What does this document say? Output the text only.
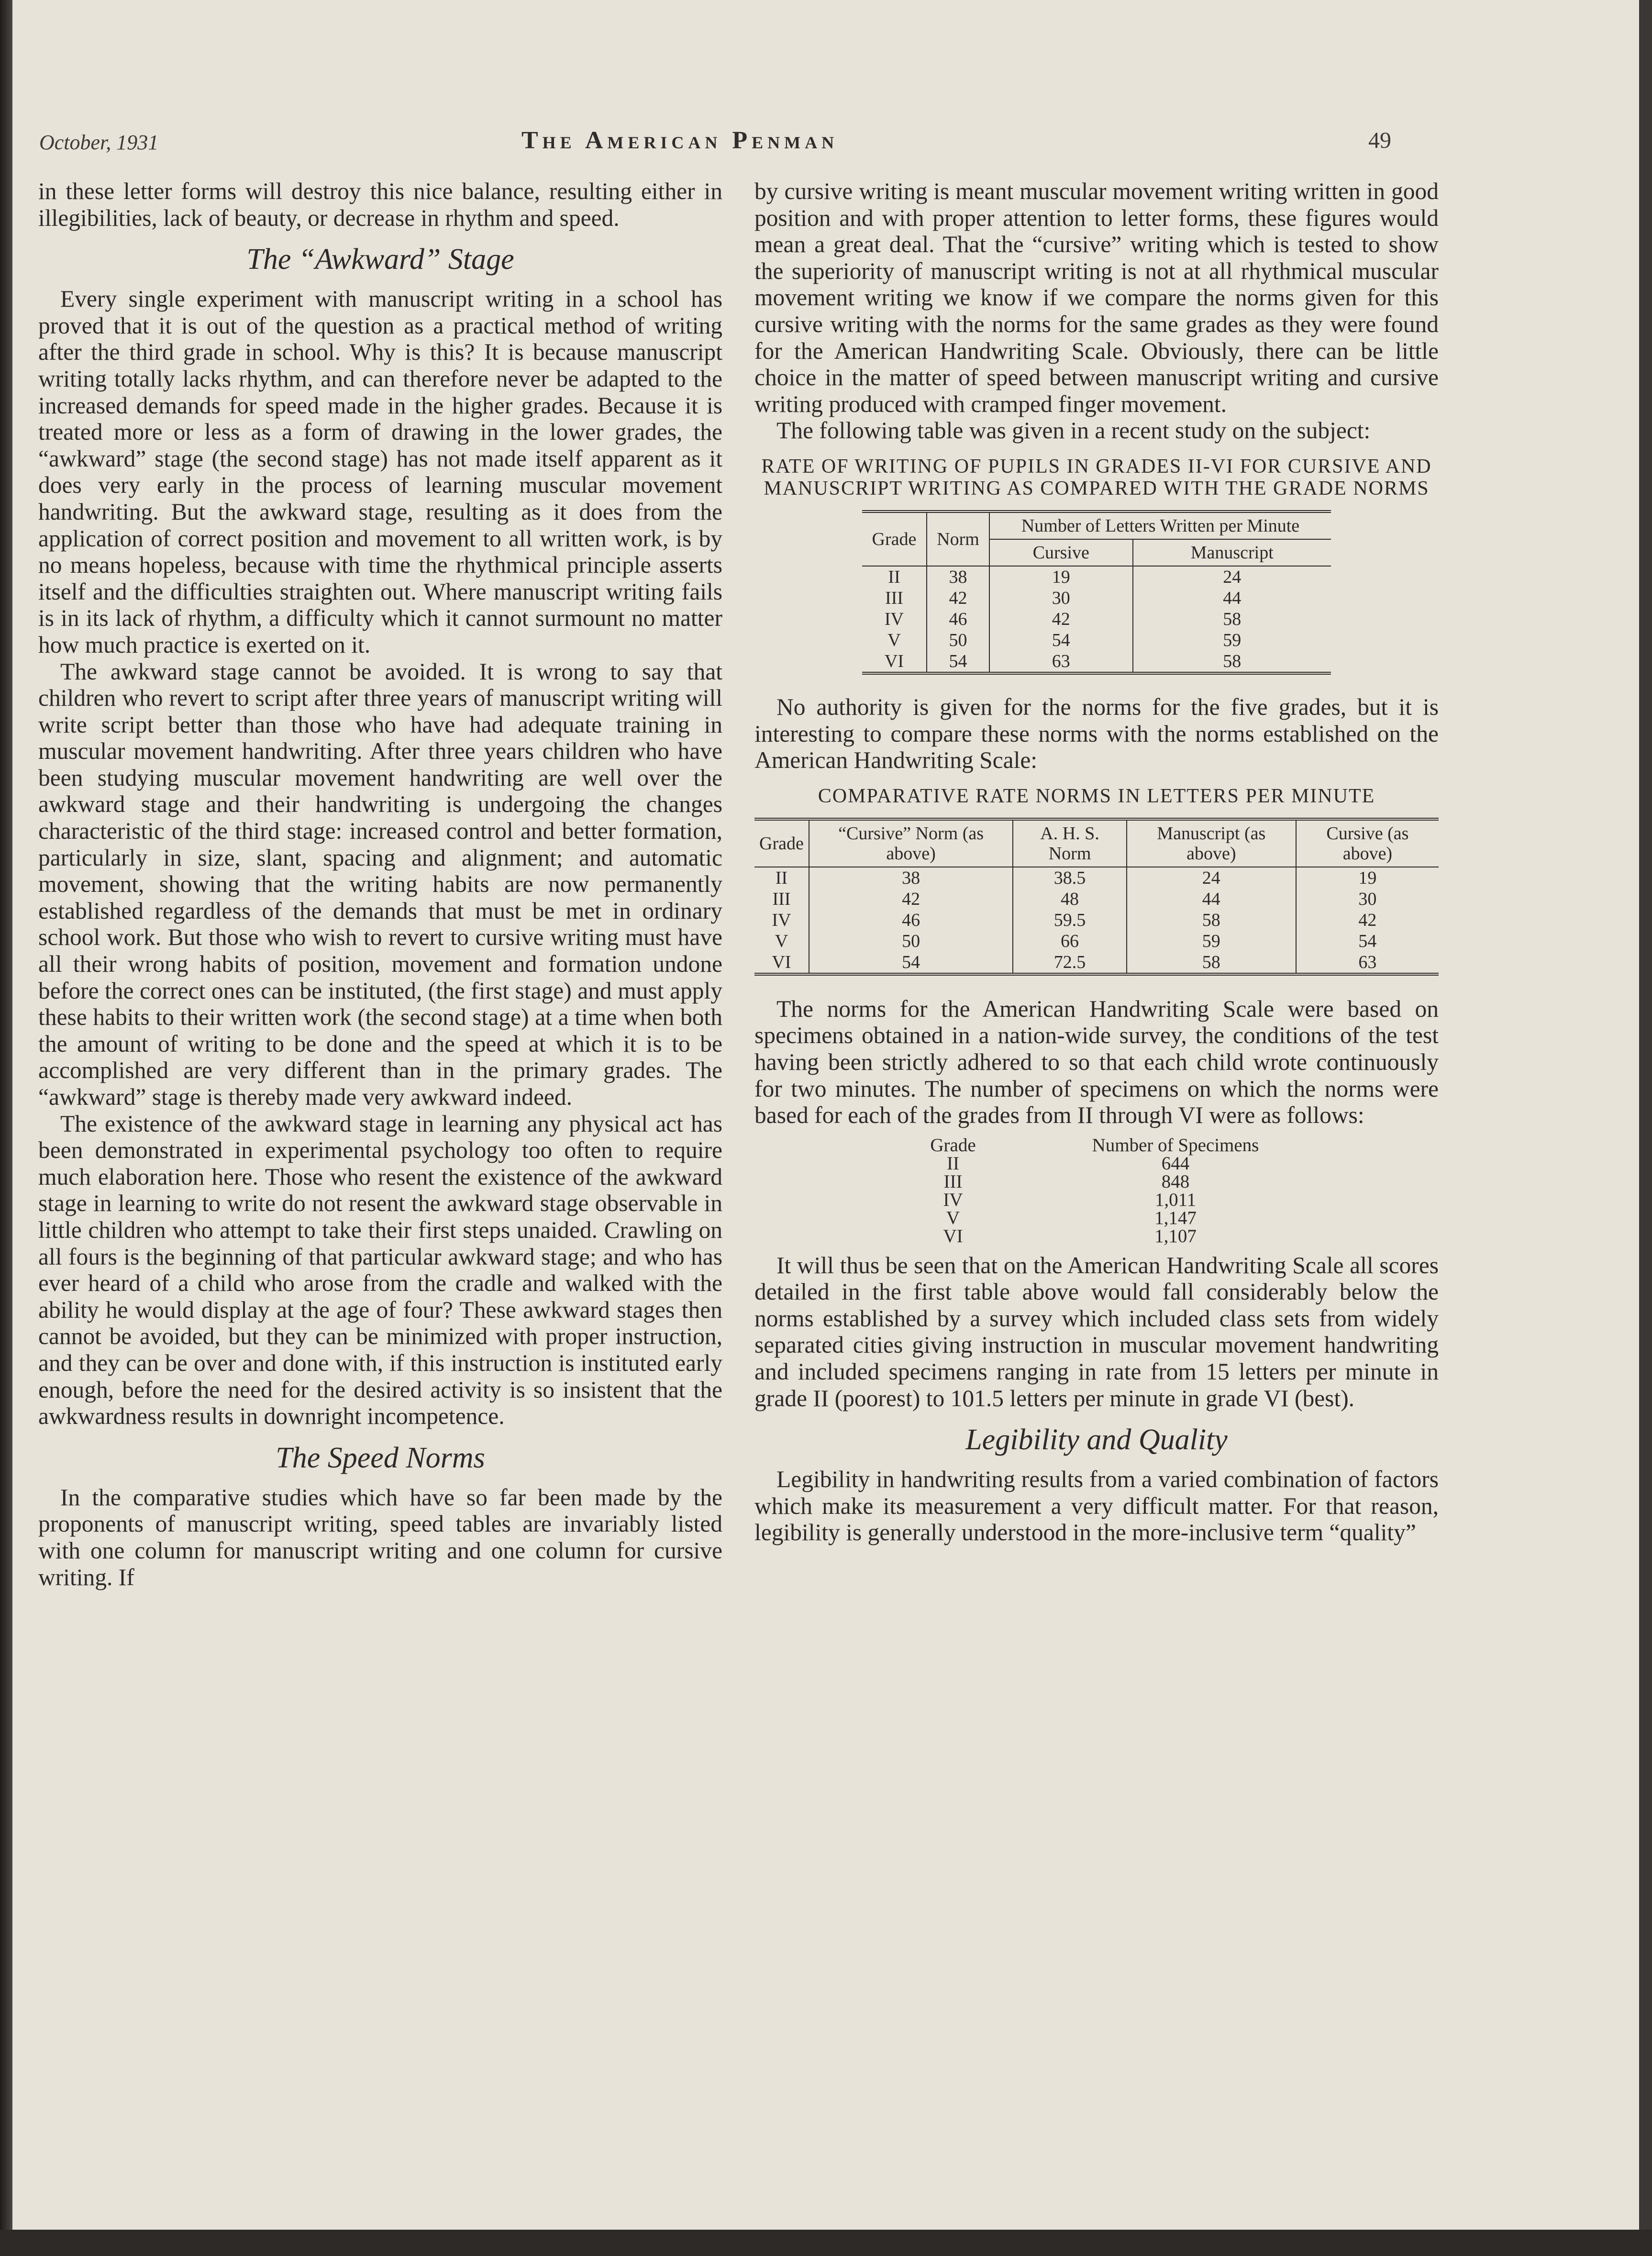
October, 1931	The American Penman	49

in these letter forms will destroy this nice balance, resulting either in illegibilities, lack of beauty, or decrease in rhythm and speed.

The “Awkward” Stage

Every single experiment with manuscript writing in a school has proved that it is out of the question as a practical method of writing after the third grade in school. Why is this? It is because manuscript writing totally lacks rhythm, and can therefore never be adapted to the increased demands for speed made in the higher grades. Because it is treated more or less as a form of drawing in the lower grades, the “awkward” stage (the second stage) has not made itself apparent as it does very early in the process of learning muscular movement handwriting. But the awkward stage, resulting as it does from the application of correct position and movement to all written work, is by no means hopeless, because with time the rhythmical principle asserts itself and the difficulties straighten out. Where manuscript writing fails is in its lack of rhythm, a difficulty which it cannot surmount no matter how much practice is exerted on it.

The awkward stage cannot be avoided. It is wrong to say that children who revert to script after three years of manuscript writing will write script better than those who have had adequate training in muscular movement handwriting. After three years children who have been studying muscular movement handwriting are well over the awkward stage and their handwriting is undergoing the changes characteristic of the third stage: increased control and better formation, particularly in size, slant, spacing and alignment; and automatic movement, showing that the writing habits are now permanently established regardless of the demands that must be met in ordinary school work. But those who wish to revert to cursive writing must have all their wrong habits of position, movement and formation undone before the correct ones can be instituted, (the first stage) and must apply these habits to their written work (the second stage) at a time when both the amount of writing to be done and the speed at which it is to be accomplished are very different than in the primary grades. The “awkward” stage is thereby made very awkward indeed.

The existence of the awkward stage in learning any physical act has been demonstrated in experimental psychology too often to require much elaboration here. Those who resent the existence of the awkward stage in learning to write do not resent the awkward stage observable in little children who attempt to take their first steps unaided. Crawling on all fours is the beginning of that particular awkward stage; and who has ever heard of a child who arose from the cradle and walked with the ability he would display at the age of four? These awkward stages then cannot be avoided, but they can be minimized with proper instruction, and they can be over and done with, if this instruction is instituted early enough, before the need for the desired activity is so insistent that the awkwardness results in downright incompetence.

The Speed Norms

In the comparative studies which have so far been made by the proponents of manuscript writing, speed tables are invariably listed with one column for manuscript writing and one column for cursive writing. If

by cursive writing is meant muscular movement writing written in good position and with proper attention to letter forms, these figures would mean a great deal. That the “cursive” writing which is tested to show the superiority of manuscript writing is not at all rhythmical muscular movement writing we know if we compare the norms given for this cursive writing with the norms for the same grades as they were found for the American Handwriting Scale. Obviously, there can be little choice in the matter of speed between manuscript writing and cursive writing produced with cramped finger movement.

The following table was given in a recent study on the subject:

RATE OF WRITING OF PUPILS IN GRADES II-VI FOR CURSIVE AND MANUSCRIPT WRITING AS COMPARED WITH THE GRADE NORMS
Grade	Norm	Number of Letters Written per Minute	
		Cursive	Manuscript
II	38	19	24
III	42	30	44
IV	46	42	58
V	50	54	59
VI	54	63	58

No authority is given for the norms for the five grades, but it is interesting to compare these norms with the norms established on the American Handwriting Scale:

COMPARATIVE RATE NORMS IN LETTERS PER MINUTE
Grade	“Cursive” Norm (as above)	A. H. S. Norm	Manuscript (as above)	Cursive (as above)
II	38	38.5	24	19
III	42	48	44	30
IV	46	59.5	58	42
V	50	66	59	54
VI	54	72.5	58	63

The norms for the American Handwriting Scale were based on specimens obtained in a nation-wide survey, the conditions of the test having been strictly adhered to so that each child wrote continuously for two minutes. The number of specimens on which the norms were based for each of the grades from II through VI were as follows:

Grade	Number of Specimens
II	644
III	848
IV	1,011
V	1,147
VI	1,107

It will thus be seen that on the American Handwriting Scale all scores detailed in the first table above would fall considerably below the norms established by a survey which included class sets from widely separated cities giving instruction in muscular movement handwriting and included specimens ranging in rate from 15 letters per minute in grade II (poorest) to 101.5 letters per minute in grade VI (best).

Legibility and Quality

Legibility in handwriting results from a varied combination of factors which make its measurement a very difficult matter. For that reason, legibility is generally understood in the more-inclusive term “quality”
